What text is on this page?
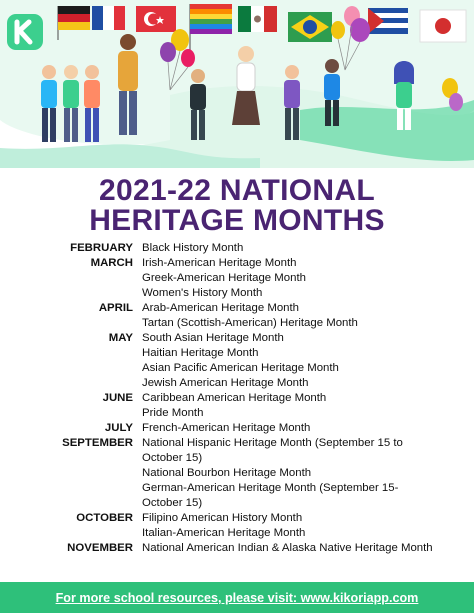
2021-22 NATIONAL
HERITAGE MONTHS
FEBRUARY Black History Month
MARCH Irish-American Heritage Month
Greek-American Heritage Month
Women's History Month
APRIL Arab-American Heritage Month
Tartan (Scottish-American) Heritage Month
MAY South Asian Heritage Month
Haitian Heritage Month
Asian Pacific American Heritage Month
Jewish American Heritage Month
JUNE Caribbean American Heritage Month
Pride Month
JULY French-American Heritage Month
SEPTEMBER National Hispanic Heritage Month (September 15 to October 15)
National Bourbon Heritage Month
German-American Heritage Month (September 15-October 15)
OCTOBER Filipino American History Month
Italian-American Heritage Month
NOVEMBER National American Indian & Alaska Native Heritage Month
For more school resources, please visit: www.kikoriapp.com
